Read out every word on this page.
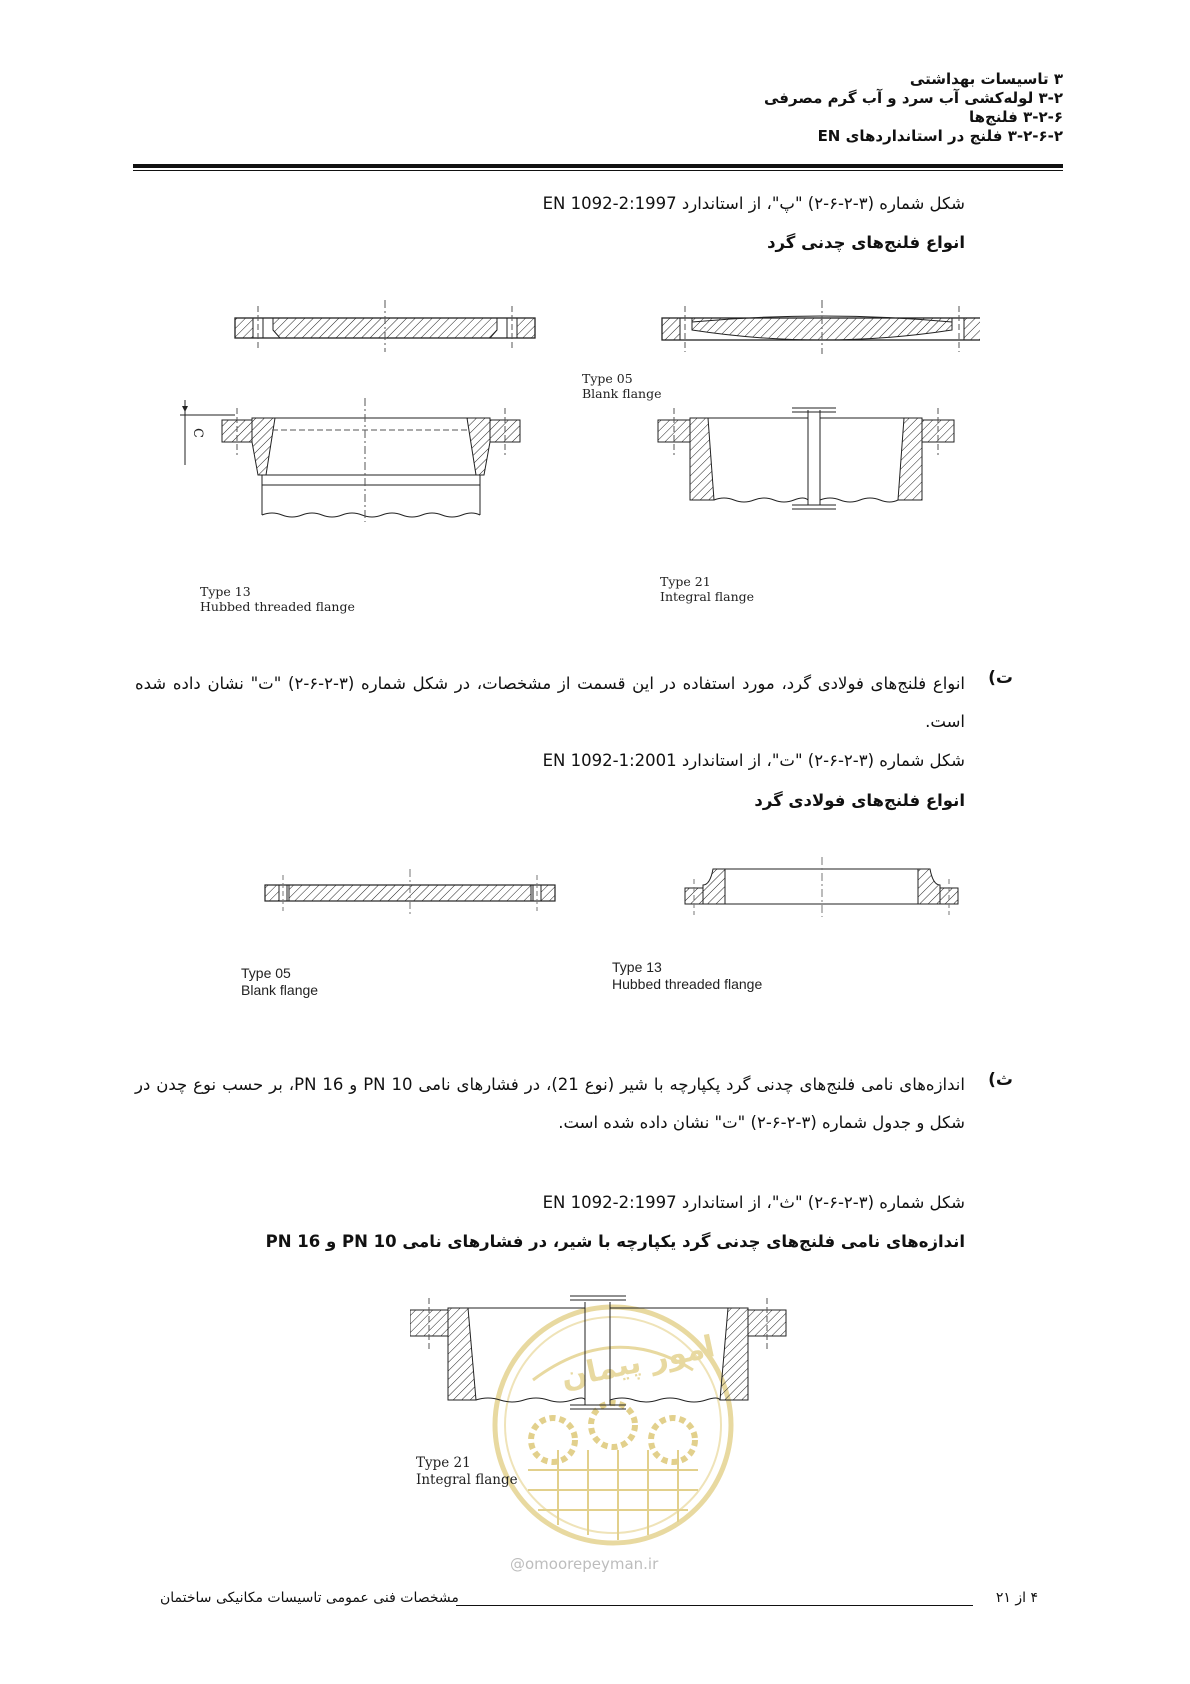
۳ تاسیسات بهداشتی
۳-۲ لوله‌کشی آب سرد و آب گرم مصرفی
۳-۲-۶ فلنج‌ها
۳-۲-۶-۲ فلنج در استانداردهای EN
شکل شماره (۳-۲-۶-۲) "پ"، از استاندارد EN 1092-2:1997
انواع فلنج‌های چدنی گرد
C
Type 05
Blank flange
Type 13
Hubbed threaded flange
Type 21
Integral flange
ت)
انواع فلنج‌های فولادی گرد، مورد استفاده در این قسمت از مشخصات، در شکل شماره (۳-۲-۶-۲) "ت" نشان داده شده است.
شکل شماره (۳-۲-۶-۲) "ت"، از استاندارد EN 1092-1:2001
انواع فلنج‌های فولادی گرد
Type 05
Blank flange
Type 13
Hubbed threaded flange
ث)
اندازه‌های نامی فلنج‌های چدنی گرد پکپارچه با شیر (نوع 21)، در فشارهای نامی PN 10 و PN 16، بر حسب نوع چدن در شکل و جدول شماره (۳-۲-۶-۲) "ت" نشان داده شده است.
شکل شماره (۳-۲-۶-۲) "ث"، از استاندارد EN 1092-2:1997
اندازه‌های نامی فلنج‌های چدنی گرد یکپارچه با شیر، در فشارهای نامی PN 10 و PN 16
امور پیمان
@omoorepeyman.ir
Type 21
Integral flange
۴ از ۲۱
مشخصات فنی عمومی تاسیسات مکانیکی ساختمان
